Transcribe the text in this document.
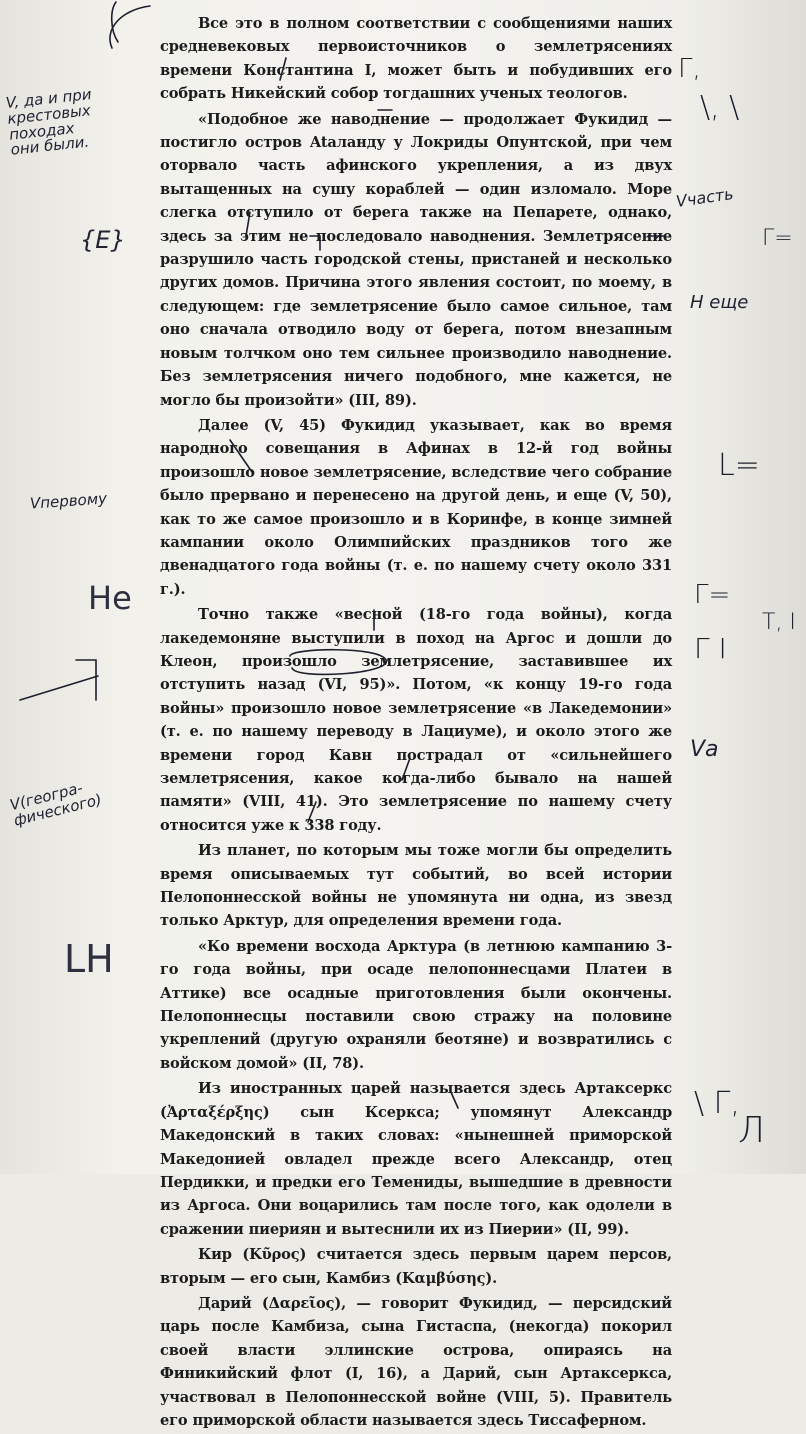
Все это в полном соответствии с сообщениями наших средневековых первоисточников о землетрясениях времени Константина I, может быть и побудивших его собрать Никейский собор тогдашних ученых теологов.

«Подобное же наводнение — продолжает Фукидид — постигло остров Ataланду у Локриды Опунтской, при чем оторвало часть афинского укрепления, а из двух вытащенных на сушу кораблей — один изломало. Море слегка отступило от берега также на Пепарете, однако, здесь за этим не последовало наводнения. Землетрясение разрушило часть городской стены, пристаней и несколько других домов. Причина этого явления состоит, по моему, в следующем: где землетрясение было самое сильное, там оно сначала отводило воду от берега, потом внезапным новым толчком оно тем сильнее производило наводнение. Без землетрясения ничего подобного, мне кажется, не могло бы произойти» (III, 89).

Далее (V, 45) Фукидид указывает, как во время народного совещания в Афинах в 12-й год войны произошло новое землетрясение, вследствие чего собрание было прервано и перенесено на другой день, и еще (V, 50), как то же самое произошло и в Коринфе, в конце зимней кампании около Олимпийских праздников того же двенадцатого года войны (т. е. по нашему счету около 331 г.).

Точно также «весной (18-го года войны), когда лакедемоняне выступили в поход на Аргос и дошли до Клеон, произошло землетрясение, заставившее их отступить назад (VI, 95)». Потом, «к концу 19-го года войны» произошло новое землетрясение «в Лакедемонии» (т. е. по нашему переводу в Лациуме), и около этого же времени город Кавн пострадал от «сильнейшего землетрясения, какое когда-либо бывало на нашей памяти» (VIII, 41). Это землетрясение по нашему счету относится уже к 338 году.

Из планет, по которым мы тоже могли бы определить время описываемых тут событий, во всей истории Пелопоннесской войны не упомянута ни одна, из звезд только Арктур, для определения времени года.

«Ко времени восхода Арктура (в летнюю кампанию 3-го года войны, при осаде пелопоннесцами Платеи в Аттике) все осадные приготовления были окончены. Пелопоннесцы поставили свою стражу на половине укреплений (другую охраняли беотяне) и возвратились с войском домой» (II, 78).

Из иностранных царей называется здесь Артаксеркс (Ἀρταξέρξης) сын Ксеркса; упомянут Александр Македонский в таких словах: «нынешней приморской Македонией овладел прежде всего Александр, отец Пердикки, и предки его Темениды, вышедшие в древности из Аргоса. Они воцарились там после того, как одолели в сражении пиериян и вытеснили их из Пиерии» (II, 99).

Кир (Κῦρος) считается здесь первым царем персов, вторым — его сын, Камбиз (Καμβύσης).

Дарий (Δαρεῖος), — говорит Фукидид, — персидский царь после Камбиза, сына Гистаспа, (некогда) покорил своей власти эллинские острова, опираясь на Финикийский флот (I, 16), а Дарий, сын Артаксеркса, участвовал в Пелопоннесской войне (VIII, 5). Правитель его приморской области называется здесь Тиссаферном.

V, да и при
крестовых
походах
они были.
{Е}
Vпервому
Не
V(геогра-
фического)
LH
Vчасть
Н еще
Vа
Г,
\, \
Г=
L=
Г=
Т, I
Г I
\ Г,
Л
